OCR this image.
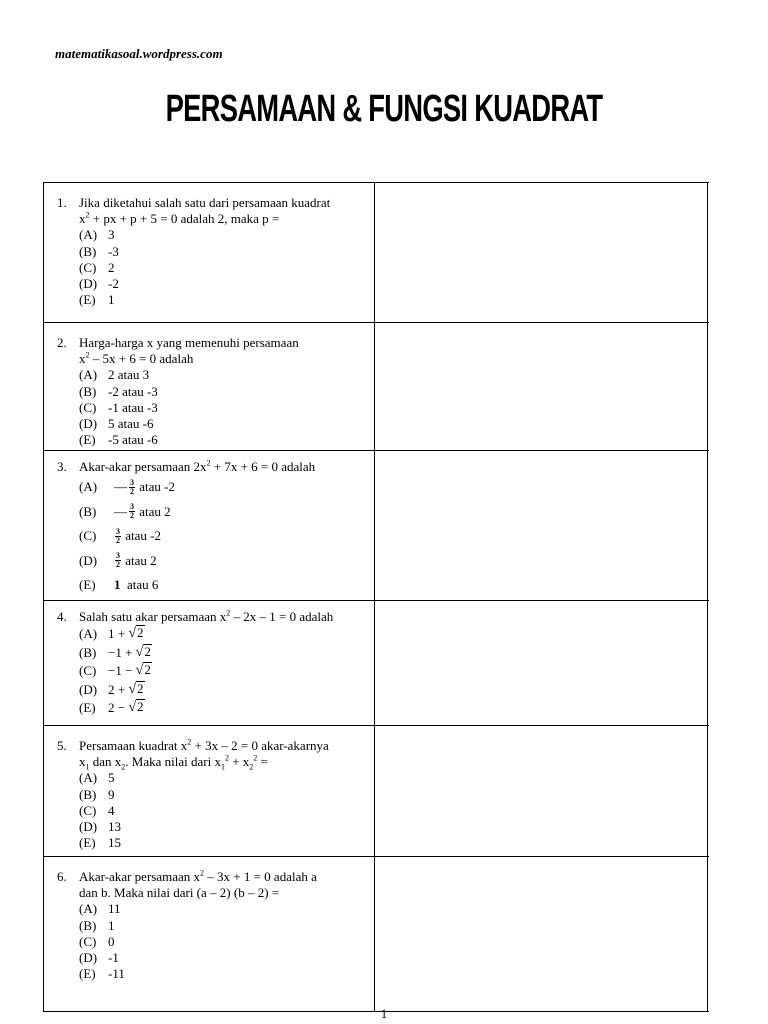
matematikasoal.wordpress.com
PERSAMAAN & FUNGSI KUADRAT
1. Jika diketahui salah satu dari persamaan kuadrat
$x^2$ + px + p + 5 = 0 adalah 2, maka p =
(A) 3
(B) -3
(C) 2
(D) -2
(E) 1
2. Harga-harga x yang memenuhi persamaan
$x^2 - 5x + 6 = 0$ adalah
(A) 2 atau 3
(B) -2 atau -3
(C) -1 atau -3
(D) 5 atau -6
(E) -5 atau -6
3. Akar-akar persamaan $2x^2 + 7x + 6 = 0$ adalah
(A)	— $\frac{3}{2}$
atau -2
(B)	— $\frac{3}{2}$
atau 2
(C)	$\frac{3}{2}$
atau -2
(D)	$\frac{3}{2}$
atau 2
(E)	1
atau 6
4. Salah satu akar persamaan $x^2 - 2x - 1 = 0$ adalah
(A) 1 +
√ 2
(B) −1 +
√ 2
(C) −1 −
√ 2
(D) 2 +
√ 2
(E) 2 −
√ 2
5. Persamaan kuadrat $x^2 + 3x - 2 = 0$ akar-akarnya
$x_1$ dan $x_2$. Maka nilai dari $x_1^2 + x_2^2$ =
(A) 5
(B) 9
(C) 4
(D) 13
(E) 15
6. Akar-akar persamaan $x^2 - 3x + 1 = 0$ adalah a
dan b. Maka nilai dari (a – 2) (b – 2) =
(A) 11
(B) 1
(C) 0
(D) -1
(E) -11
1
